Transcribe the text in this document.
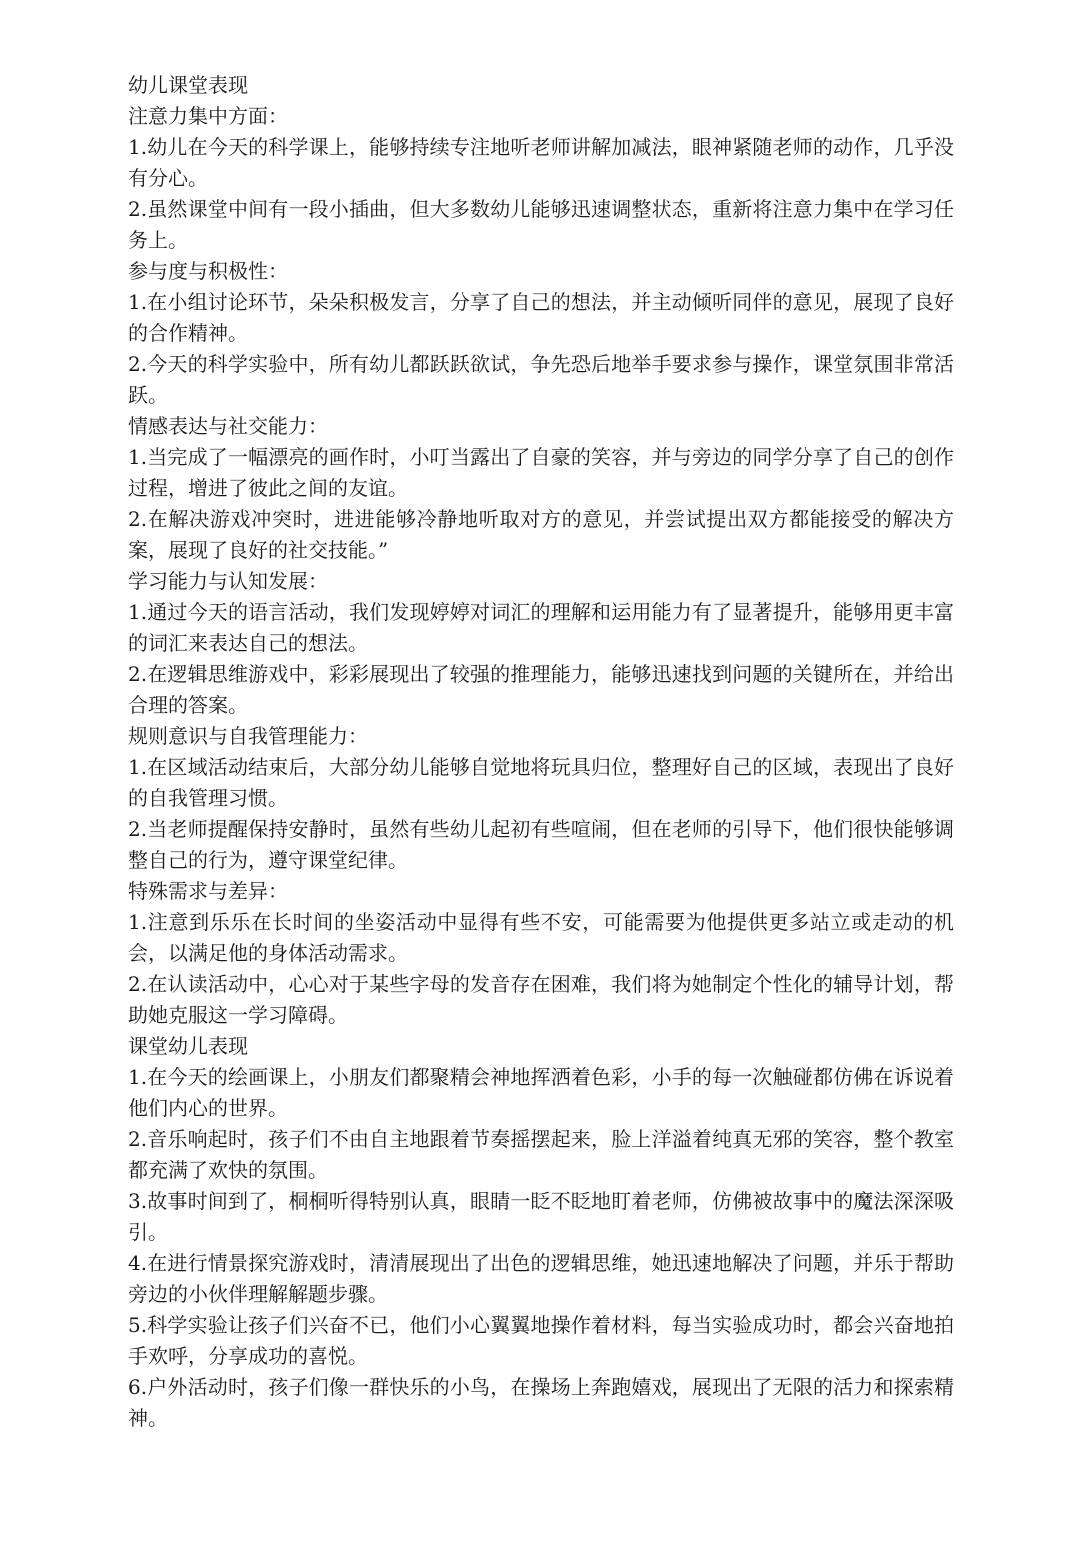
幼儿课堂表现

注意力集中方面：

1.幼儿在今天的科学课上，能够持续专注地听老师讲解加减法，眼神紧随老师的动作，几乎没有分心。

2.虽然课堂中间有一段小插曲，但大多数幼儿能够迅速调整状态，重新将注意力集中在学习任务上。

参与度与积极性：

1.在小组讨论环节，朵朵积极发言，分享了自己的想法，并主动倾听同伴的意见，展现了良好的合作精神。

2.今天的科学实验中，所有幼儿都跃跃欲试，争先恐后地举手要求参与操作，课堂氛围非常活跃。

情感表达与社交能力：

1.当完成了一幅漂亮的画作时，小叮当露出了自豪的笑容，并与旁边的同学分享了自己的创作过程，增进了彼此之间的友谊。

2.在解决游戏冲突时，进进能够冷静地听取对方的意见，并尝试提出双方都能接受的解决方案，展现了良好的社交技能。”

学习能力与认知发展：

1.通过今天的语言活动，我们发现婷婷对词汇的理解和运用能力有了显著提升，能够用更丰富的词汇来表达自己的想法。

2.在逻辑思维游戏中，彩彩展现出了较强的推理能力，能够迅速找到问题的关键所在，并给出合理的答案。

规则意识与自我管理能力：

1.在区域活动结束后，大部分幼儿能够自觉地将玩具归位，整理好自己的区域，表现出了良好的自我管理习惯。

2.当老师提醒保持安静时，虽然有些幼儿起初有些喧闹，但在老师的引导下，他们很快能够调整自己的行为，遵守课堂纪律。

特殊需求与差异：

1.注意到乐乐在长时间的坐姿活动中显得有些不安，可能需要为他提供更多站立或走动的机会，以满足他的身体活动需求。

2.在认读活动中，心心对于某些字母的发音存在困难，我们将为她制定个性化的辅导计划，帮助她克服这一学习障碍。

课堂幼儿表现

1.在今天的绘画课上，小朋友们都聚精会神地挥洒着色彩，小手的每一次触碰都仿佛在诉说着他们内心的世界。

2.音乐响起时，孩子们不由自主地跟着节奏摇摆起来，脸上洋溢着纯真无邪的笑容，整个教室都充满了欢快的氛围。

3.故事时间到了，桐桐听得特别认真，眼睛一眨不眨地盯着老师，仿佛被故事中的魔法深深吸引。

4.在进行情景探究游戏时，清清展现出了出色的逻辑思维，她迅速地解决了问题，并乐于帮助旁边的小伙伴理解解题步骤。

5.科学实验让孩子们兴奋不已，他们小心翼翼地操作着材料，每当实验成功时，都会兴奋地拍手欢呼，分享成功的喜悦。

6.户外活动时，孩子们像一群快乐的小鸟，在操场上奔跑嬉戏，展现出了无限的活力和探索精神。
